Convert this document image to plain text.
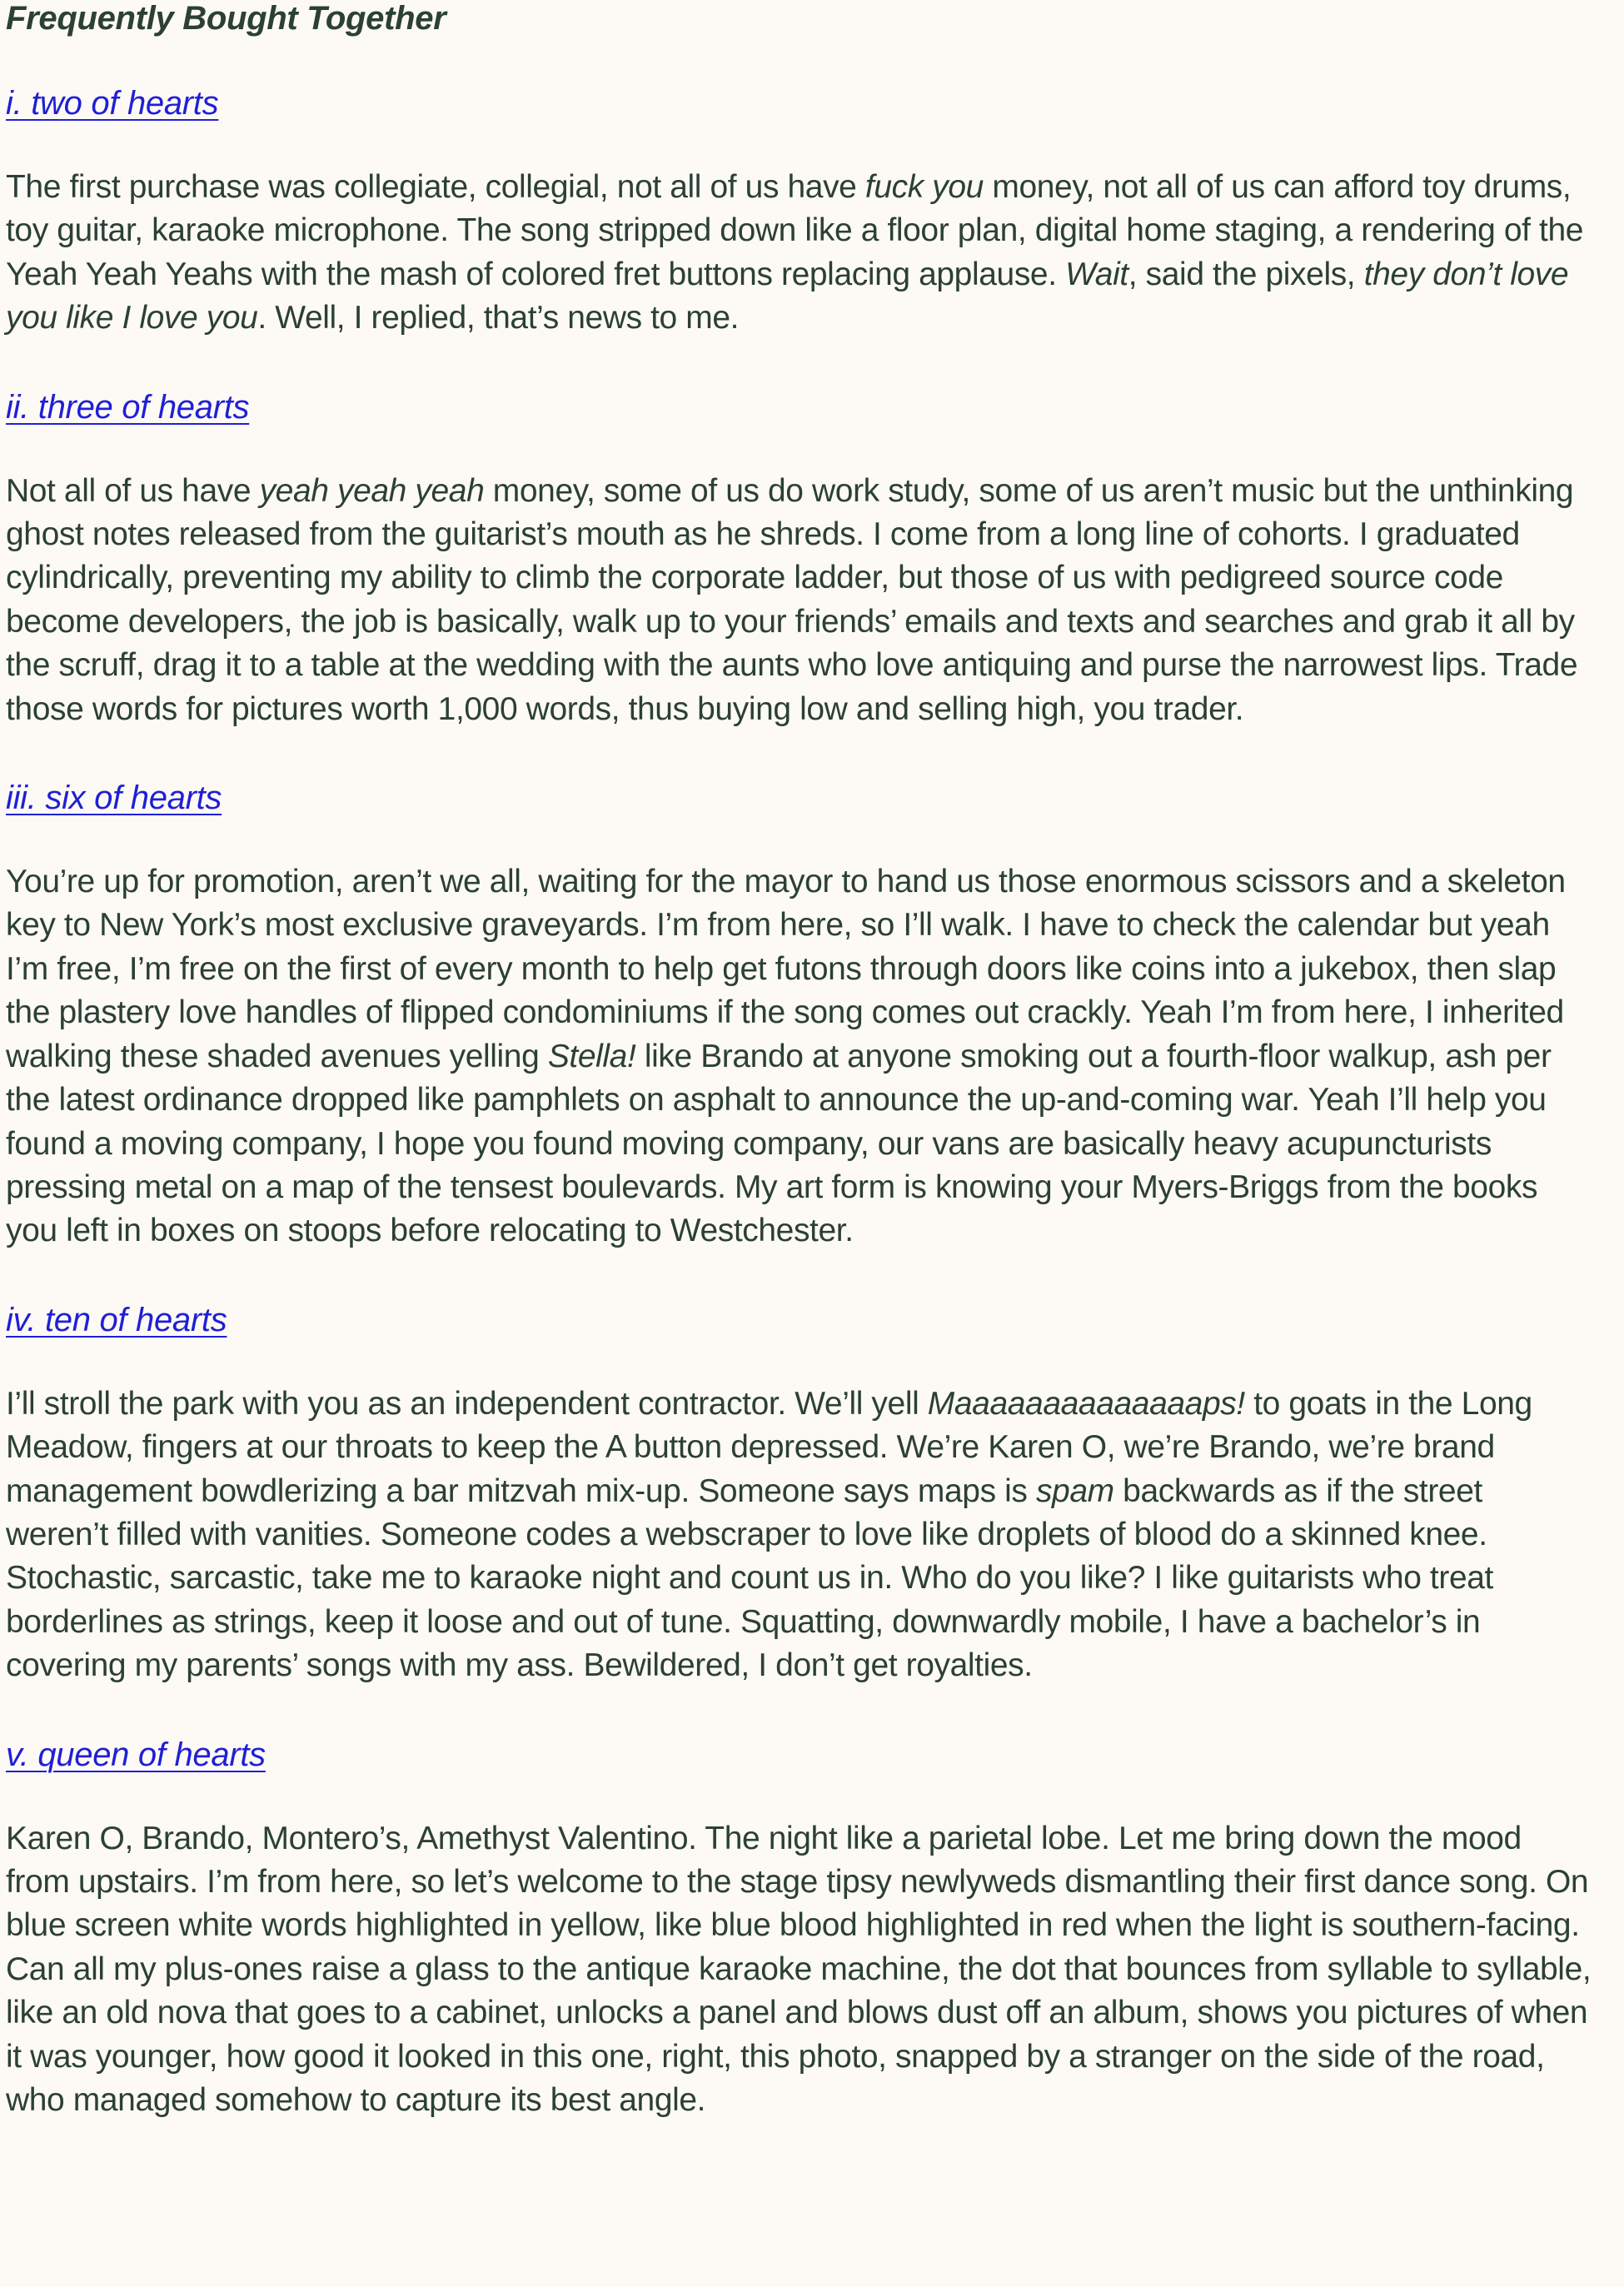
Frequently Bought Together
i. two of hearts

The first purchase was collegiate, collegial, not all of us have fuck you money, not all of us can afford toy drums, toy guitar, karaoke microphone. The song stripped down like a floor plan, digital home staging, a rendering of the Yeah Yeah Yeahs with the mash of colored fret buttons replacing applause. Wait, said the pixels, they don’t love you like I love you. Well, I replied, that’s news to me.

ii. three of hearts

Not all of us have yeah yeah yeah money, some of us do work study, some of us aren’t music but the unthinking ghost notes released from the guitarist’s mouth as he shreds. I come from a long line of cohorts. I graduated cylindrically, preventing my ability to climb the corporate ladder, but those of us with pedigreed source code become developers, the job is basically, walk up to your friends’ emails and texts and searches and grab it all by the scruff, drag it to a table at the wedding with the aunts who love antiquing and purse the narrowest lips. Trade those words for pictures worth 1,000 words, thus buying low and selling high, you trader.

iii. six of hearts

You’re up for promotion, aren’t we all, waiting for the mayor to hand us those enormous scissors and a skeleton key to New York’s most exclusive graveyards. I’m from here, so I’ll walk. I have to check the calendar but yeah I’m free, I’m free on the first of every month to help get futons through doors like coins into a jukebox, then slap the plastery love handles of flipped condominiums if the song comes out crackly. Yeah I’m from here, I inherited walking these shaded avenues yelling Stella! like Brando at anyone smoking out a fourth-floor walkup, ash per the latest ordinance dropped like pamphlets on asphalt to announce the up-and-coming war. Yeah I’ll help you found a moving company, I hope you found moving company, our vans are basically heavy acupuncturists pressing metal on a map of the tensest boulevards. My art form is knowing your Myers-Briggs from the books you left in boxes on stoops before relocating to Westchester.

iv. ten of hearts

I’ll stroll the park with you as an independent contractor. We’ll yell Maaaaaaaaaaaaaaps! to goats in the Long Meadow, fingers at our throats to keep the A button depressed. We’re Karen O, we’re Brando, we’re brand management bowdlerizing a bar mitzvah mix-up. Someone says maps is spam backwards as if the street weren’t filled with vanities. Someone codes a webscraper to love like droplets of blood do a skinned knee. Stochastic, sarcastic, take me to karaoke night and count us in. Who do you like? I like guitarists who treat borderlines as strings, keep it loose and out of tune. Squatting, downwardly mobile, I have a bachelor’s in covering my parents’ songs with my ass. Bewildered, I don’t get royalties.

v. queen of hearts

Karen O, Brando, Montero’s, Amethyst Valentino. The night like a parietal lobe. Let me bring down the mood from upstairs. I’m from here, so let’s welcome to the stage tipsy newlyweds dismantling their first dance song. On blue screen white words highlighted in yellow, like blue blood highlighted in red when the light is southern-facing. Can all my plus-ones raise a glass to the antique karaoke machine, the dot that bounces from syllable to syllable, like an old nova that goes to a cabinet, unlocks a panel and blows dust off an album, shows you pictures of when it was younger, how good it looked in this one, right, this photo, snapped by a stranger on the side of the road, who managed somehow to capture its best angle.
